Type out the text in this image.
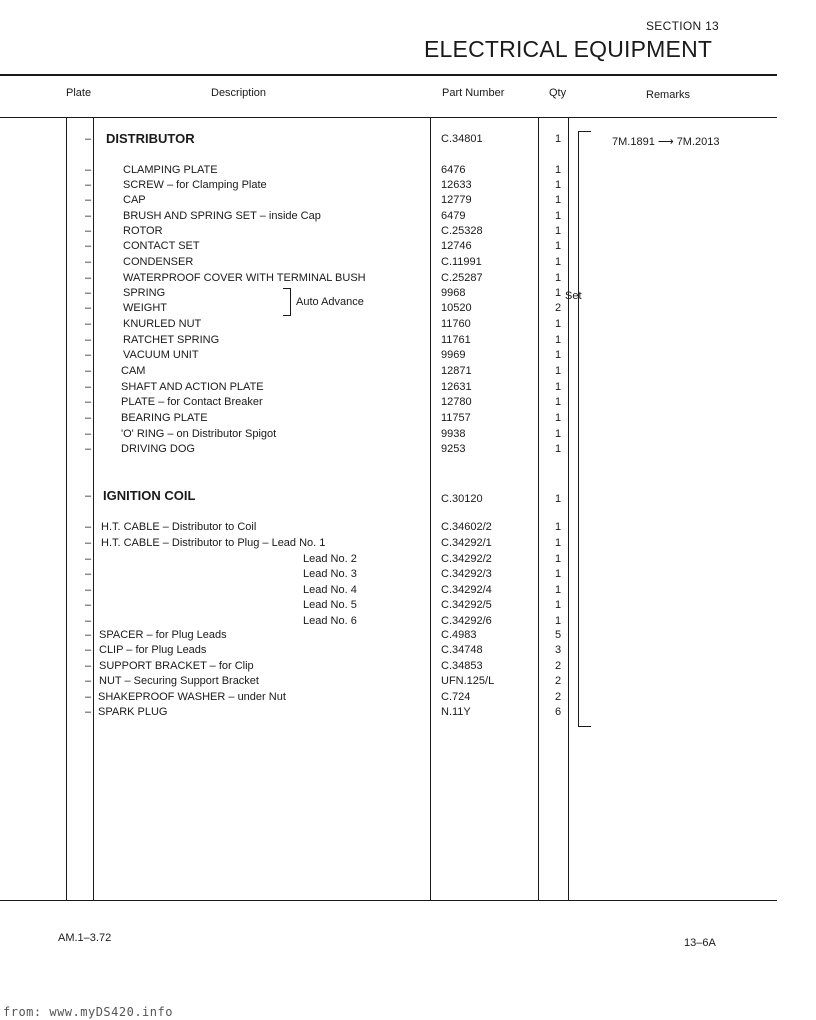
SECTION 13
ELECTRICAL EQUIPMENT
Plate	Description	Part Number	Qty	Remarks
– DISTRIBUTOR	C.34801	1
–	CLAMPING PLATE	6476	1
–	SCREW – for Clamping Plate	12633	1
–	CAP	12779	1
–	BRUSH AND SPRING SET – inside Cap	6479	1
–	ROTOR	C.25328	1
–	CONTACT SET	12746	1
–	CONDENSER	C.11991	1
–	WATERPROOF COVER WITH TERMINAL BUSH	C.25287	1
–	SPRING	9968	1
–	WEIGHT	10520	2
–	KNURLED NUT	11760	1
–	RATCHET SPRING	11761	1
–	VACUUM UNIT	9969	1
–	CAM	12871	1
–	SHAFT AND ACTION PLATE	12631	1
–	PLATE – for Contact Breaker	12780	1
–	BEARING PLATE	11757	1
–	'O' RING – on Distributor Spigot	9938	1
–	DRIVING DOG	9253	1
Auto Advance	Set
– IGNITION COIL	C.30120	1
– H.T. CABLE – Distributor to Coil	C.34602/2	1
– H.T. CABLE – Distributor to Plug – Lead No. 1	C.34292/1	1
–	Lead No. 2	C.34292/2	1
–	Lead No. 3	C.34292/3	1
–	Lead No. 4	C.34292/4	1
–	Lead No. 5	C.34292/5	1
–	Lead No. 6	C.34292/6	1
– SPACER – for Plug Leads	C.4983	5
– CLIP – for Plug Leads	C.34748	3
– SUPPORT BRACKET – for Clip	C.34853	2
– NUT – Securing Support Bracket	UFN.125/L	2
– SHAKEPROOF WASHER – under Nut	C.724	2
– SPARK PLUG	N.11Y	6
7M.1891 ⟶ 7M.2013
AM.1–3.72	13–6A
from: www.myDS420.info
